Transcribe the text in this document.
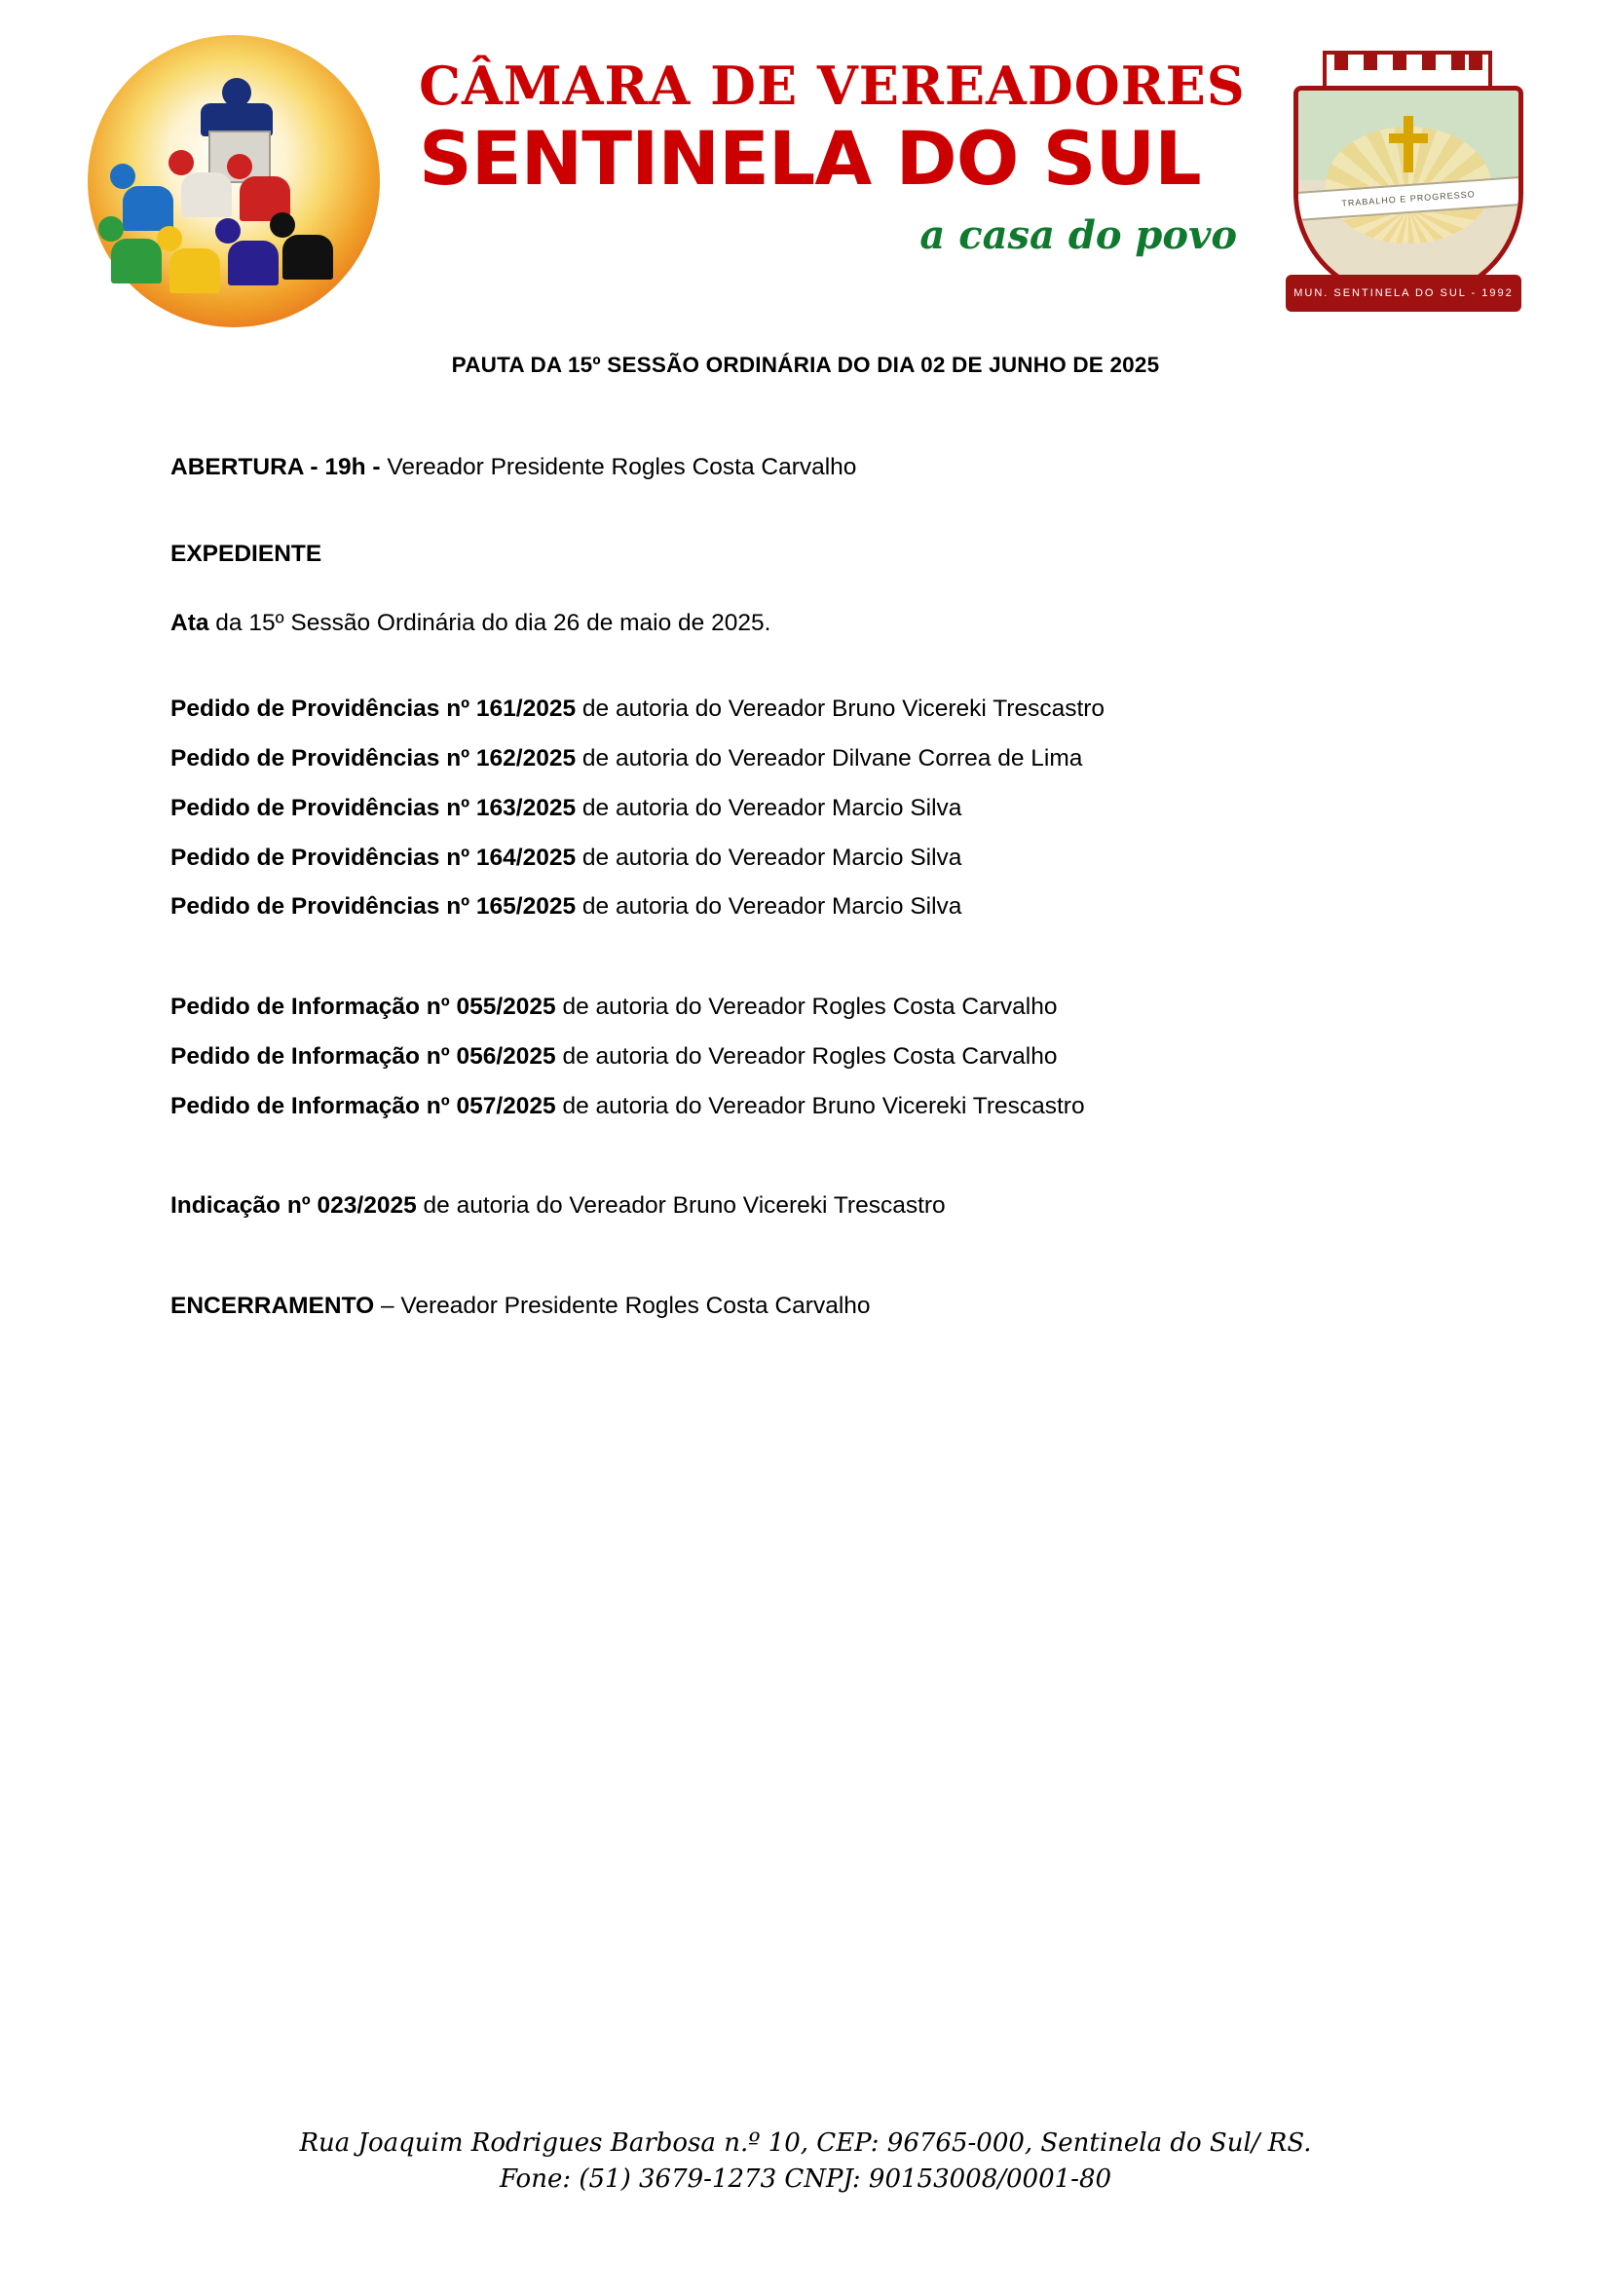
CÂMARA DE VEREADORES
SENTINELA DO SUL
a casa do povo
TRABALHO E PROGRESSO
MUN. SENTINELA DO SUL - 1992
PAUTA DA 15º SESSÃO ORDINÁRIA DO DIA 02 DE JUNHO DE 2025

ABERTURA - 19h - Vereador Presidente Rogles Costa Carvalho

EXPEDIENTE

Ata da 15º Sessão Ordinária do dia 26 de maio de 2025.

Pedido de Providências nº 161/2025 de autoria do Vereador Bruno Vicereki Trescastro

Pedido de Providências nº 162/2025 de autoria do Vereador Dilvane Correa de Lima

Pedido de Providências nº 163/2025 de autoria do Vereador Marcio Silva

Pedido de Providências nº 164/2025 de autoria do Vereador Marcio Silva

Pedido de Providências nº 165/2025 de autoria do Vereador Marcio Silva

Pedido de Informação nº 055/2025 de autoria do Vereador Rogles Costa Carvalho

Pedido de Informação nº 056/2025 de autoria do Vereador Rogles Costa Carvalho

Pedido de Informação nº 057/2025 de autoria do Vereador Bruno Vicereki Trescastro

Indicação nº 023/2025 de autoria do Vereador Bruno Vicereki Trescastro

ENCERRAMENTO – Vereador Presidente Rogles Costa Carvalho

Rua Joaquim Rodrigues Barbosa n.º 10, CEP: 96765-000, Sentinela do Sul/ RS.
Fone: (51) 3679-1273 CNPJ: 90153008/0001-80
